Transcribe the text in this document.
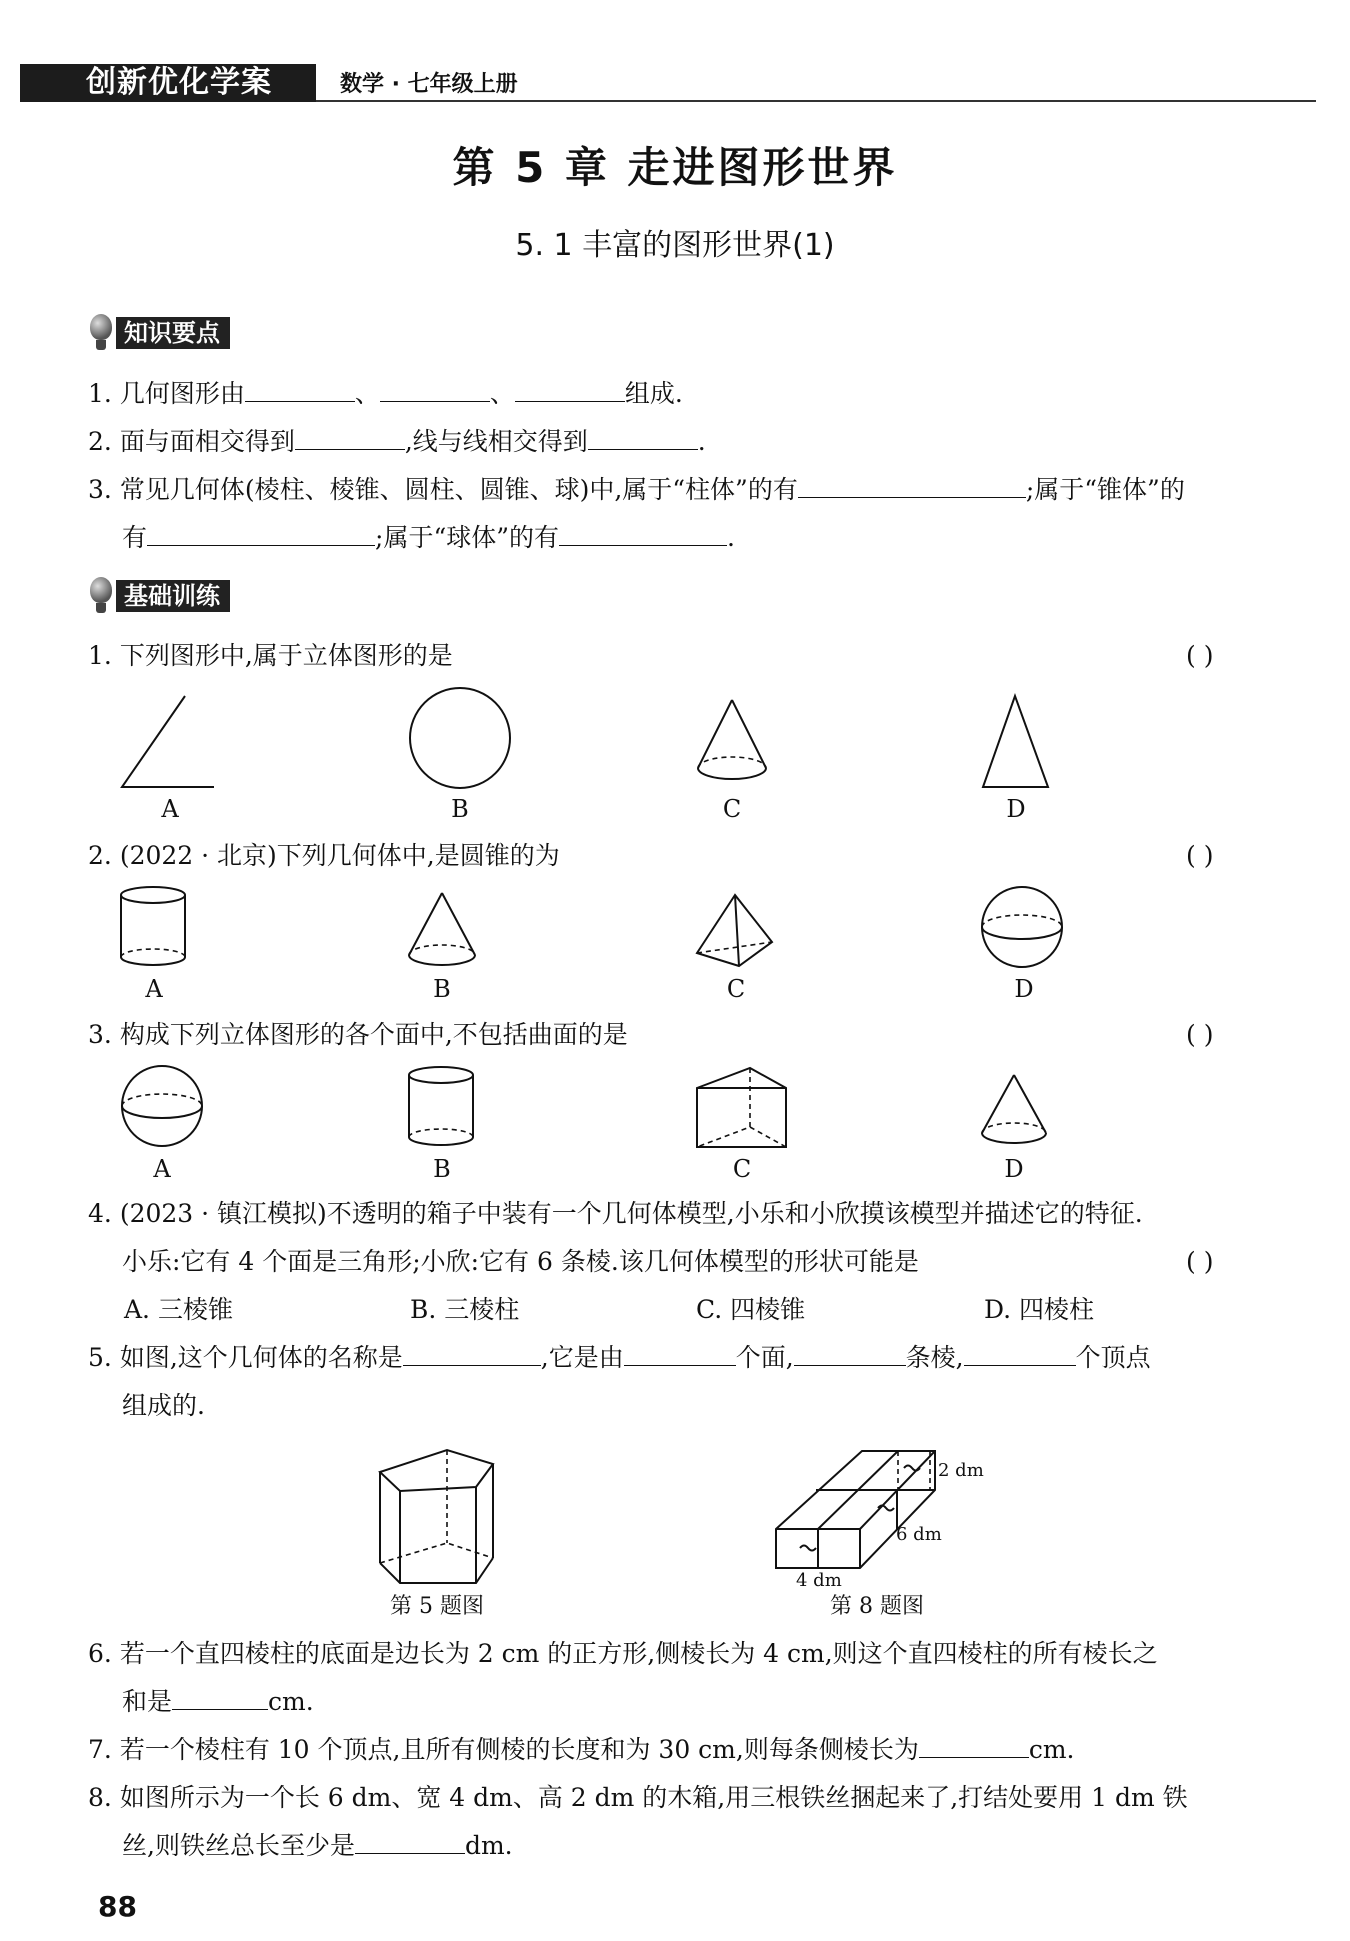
创新优化学案	数学 · 七年级上册
第 5 章 走进图形世界
5. 1 丰富的图形世界(1)
知识要点
1. 几何图形由	、	、	组成.
2. 面与面相交得到	,线与线相交得到	.
3. 常见几何体(棱柱、棱锥、圆柱、圆锥、球)中,属于“柱体”的有	;属于“锥体”的
有	;属于“球体”的有	.
基础训练
1. 下列图形中,属于立体图形的是	( )
A	B	C	D
2. (2022 · 北京)下列几何体中,是圆锥的为	( )
A	B	C	D
3. 构成下列立体图形的各个面中,不包括曲面的是	( )
A	B	C	D
4. (2023 · 镇江模拟)不透明的箱子中装有一个几何体模型,小乐和小欣摸该模型并描述它的特征.
小乐:它有 4 个面是三角形;小欣:它有 6 条棱.该几何体模型的形状可能是	( )
A. 三棱锥	B. 三棱柱	C. 四棱锥	D. 四棱柱
5. 如图,这个几何体的名称是	,它是由	个面,	条棱,	个顶点
组成的.
第 5 题图
2 dm
6 dm
4 dm
第 8 题图
6. 若一个直四棱柱的底面是边长为 2 cm 的正方形,侧棱长为 4 cm,则这个直四棱柱的所有棱长之
和是	cm.
7. 若一个棱柱有 10 个顶点,且所有侧棱的长度和为 30 cm,则每条侧棱长为	cm.
8. 如图所示为一个长 6 dm、宽 4 dm、高 2 dm 的木箱,用三根铁丝捆起来了,打结处要用 1 dm 铁
丝,则铁丝总长至少是	dm.
88
